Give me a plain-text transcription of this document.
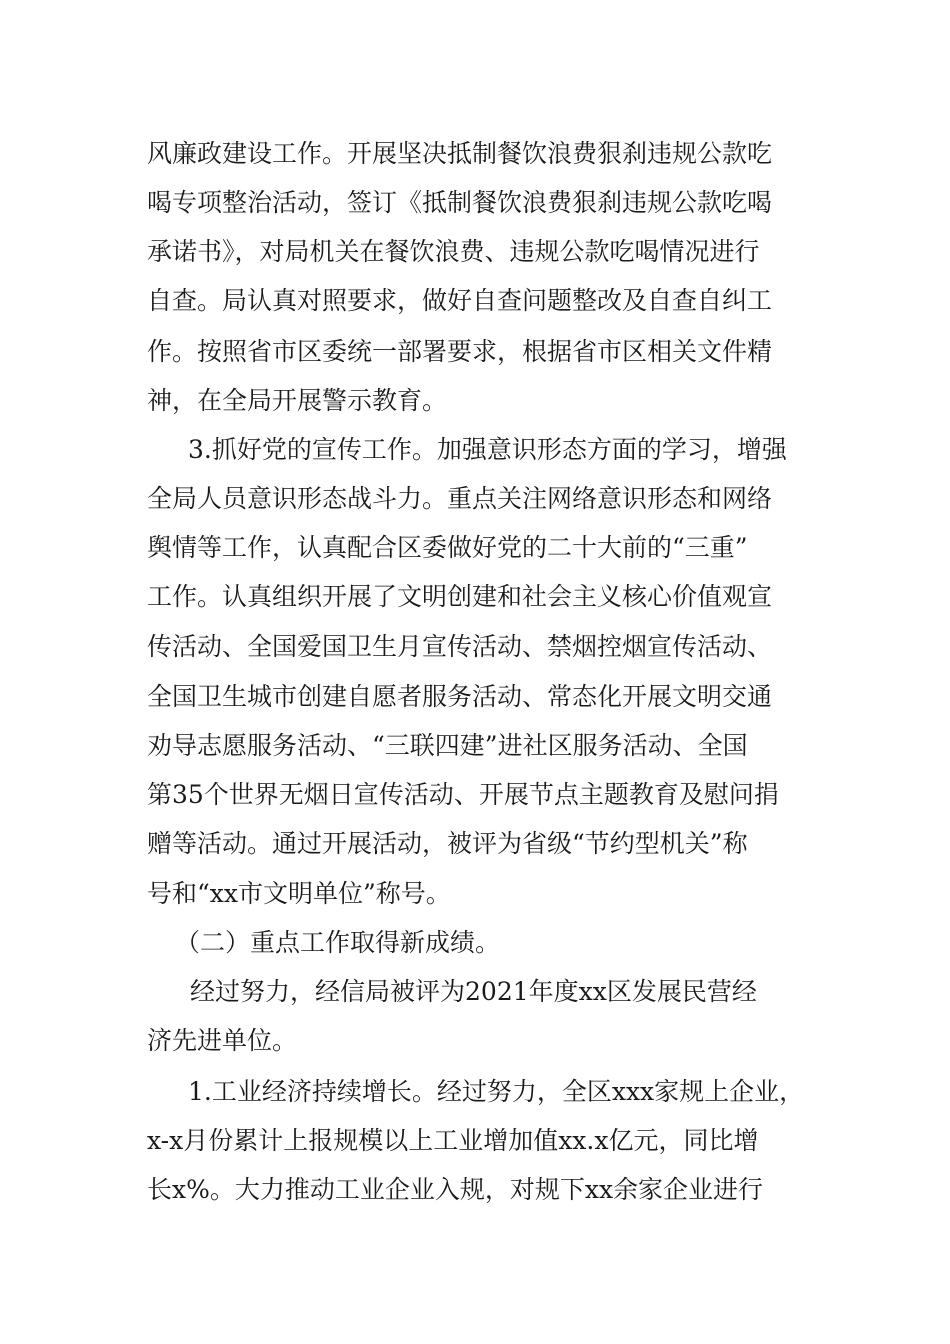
风廉政建设工作。开展坚决抵制餐饮浪费狠刹违规公款吃
喝专项整治活动，签订《抵制餐饮浪费狠刹违规公款吃喝
承诺书》，对局机关在餐饮浪费、违规公款吃喝情况进行
自查。局认真对照要求，做好自查问题整改及自查自纠工
作。按照省市区委统一部署要求，根据省市区相关文件精
神，在全局开展警示教育。
3.抓好党的宣传工作。加强意识形态方面的学习，增强
全局人员意识形态战斗力。重点关注网络意识形态和网络
舆情等工作，认真配合区委做好党的二十大前的“三重”
工作。认真组织开展了文明创建和社会主义核心价值观宣
传活动、全国爱国卫生月宣传活动、禁烟控烟宣传活动、
全国卫生城市创建自愿者服务活动、常态化开展文明交通
劝导志愿服务活动、“三联四建”进社区服务活动、全国
第35个世界无烟日宣传活动、开展节点主题教育及慰问捐
赠等活动。通过开展活动，被评为省级“节约型机关”称
号和“xx市文明单位”称号。
（二）重点工作取得新成绩。
经过努力，经信局被评为2021年度xx区发展民营经
济先进单位。
1.工业经济持续增长。经过努力，全区xxx家规上企业，
x-x月份累计上报规模以上工业增加值xx.x亿元，同比增
长x%。大力推动工业企业入规，对规下xx余家企业进行
